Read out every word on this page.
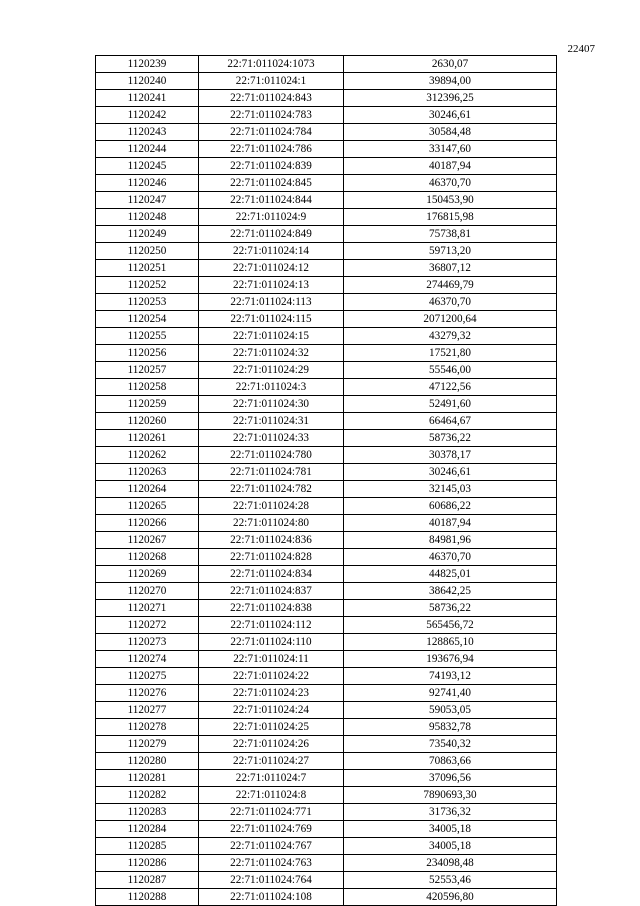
22407
1120239	22:71:011024:1073	2630,07
1120240	22:71:011024:1	39894,00
1120241	22:71:011024:843	312396,25
1120242	22:71:011024:783	30246,61
1120243	22:71:011024:784	30584,48
1120244	22:71:011024:786	33147,60
1120245	22:71:011024:839	40187,94
1120246	22:71:011024:845	46370,70
1120247	22:71:011024:844	150453,90
1120248	22:71:011024:9	176815,98
1120249	22:71:011024:849	75738,81
1120250	22:71:011024:14	59713,20
1120251	22:71:011024:12	36807,12
1120252	22:71:011024:13	274469,79
1120253	22:71:011024:113	46370,70
1120254	22:71:011024:115	2071200,64
1120255	22:71:011024:15	43279,32
1120256	22:71:011024:32	17521,80
1120257	22:71:011024:29	55546,00
1120258	22:71:011024:3	47122,56
1120259	22:71:011024:30	52491,60
1120260	22:71:011024:31	66464,67
1120261	22:71:011024:33	58736,22
1120262	22:71:011024:780	30378,17
1120263	22:71:011024:781	30246,61
1120264	22:71:011024:782	32145,03
1120265	22:71:011024:28	60686,22
1120266	22:71:011024:80	40187,94
1120267	22:71:011024:836	84981,96
1120268	22:71:011024:828	46370,70
1120269	22:71:011024:834	44825,01
1120270	22:71:011024:837	38642,25
1120271	22:71:011024:838	58736,22
1120272	22:71:011024:112	565456,72
1120273	22:71:011024:110	128865,10
1120274	22:71:011024:11	193676,94
1120275	22:71:011024:22	74193,12
1120276	22:71:011024:23	92741,40
1120277	22:71:011024:24	59053,05
1120278	22:71:011024:25	95832,78
1120279	22:71:011024:26	73540,32
1120280	22:71:011024:27	70863,66
1120281	22:71:011024:7	37096,56
1120282	22:71:011024:8	7890693,30
1120283	22:71:011024:771	31736,32
1120284	22:71:011024:769	34005,18
1120285	22:71:011024:767	34005,18
1120286	22:71:011024:763	234098,48
1120287	22:71:011024:764	52553,46
1120288	22:71:011024:108	420596,80
